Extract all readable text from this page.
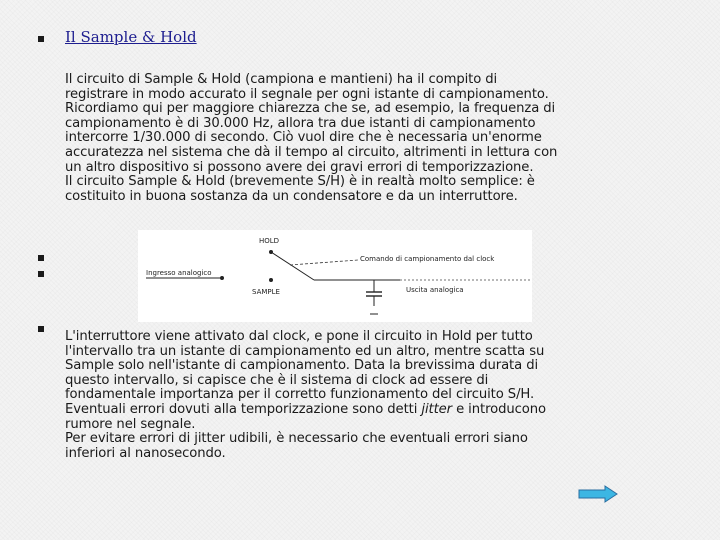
Il Sample & Hold

Il circuito di Sample & Hold (campiona e mantieni) ha il compito di

registrare in modo accurato il segnale per ogni istante di campionamento.

Ricordiamo qui per maggiore chiarezza che se, ad esempio, la frequenza di

campionamento è di 30.000 Hz, allora tra due istanti di campionamento

intercorre 1/30.000 di secondo. Ciò vuol dire che è necessaria un'enorme

accuratezza nel sistema che dà il tempo al circuito, altrimenti in lettura con

un altro dispositivo si possono avere dei gravi errori di temporizzazione.

Il circuito Sample & Hold (brevemente S/H) è in realtà molto semplice: è

costituito in buona sostanza da un condensatore e da un interruttore.

HOLD
Ingresso analogico
SAMPLE
Comando di campionamento dal clock
Uscita analogica

L'interruttore viene attivato dal clock, e pone il circuito in Hold per tutto

l'intervallo tra un istante di campionamento ed un altro, mentre scatta su

Sample solo nell'istante di campionamento. Data la brevissima durata di

questo intervallo, si capisce che è il sistema di clock ad essere di

fondamentale importanza per il corretto funzionamento del circuito S/H.

Eventuali errori dovuti alla temporizzazione sono detti jitter e introducono

rumore nel segnale.

Per evitare errori di jitter udibili, è necessario che eventuali errori siano

inferiori al nanosecondo.
